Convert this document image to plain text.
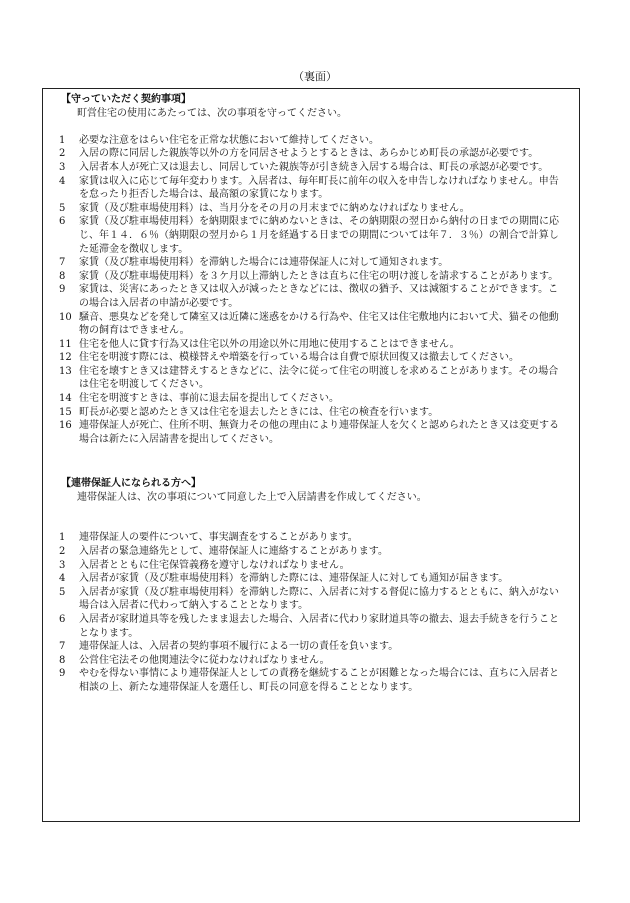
（裏面）

【守っていただく契約事項】

町営住宅の使用にあたっては、次の事項を守ってください。

1	必要な注意をはらい住宅を正常な状態において維持してください。
2	入居の際に同居した親族等以外の方を同居させようとするときは、あらかじめ町長の承認が必要です。
3	入居者本人が死亡又は退去し、同居していた親族等が引き続き入居する場合は、町長の承認が必要です。
4	家賃は収入に応じて毎年変わります。入居者は、毎年町長に前年の収入を申告しなければなりません。申告を怠ったり拒否した場合は、最高額の家賃になります。
5	家賃（及び駐車場使用料）は、当月分をその月の月末までに納めなければなりません。
6	家賃（及び駐車場使用料）を納期限までに納めないときは、その納期限の翌日から納付の日までの期間に応じ、年１４．６％（納期限の翌月から１月を経過する日までの期間については年７．３％）の割合で計算した延滞金を徴収します。
7	家賃（及び駐車場使用料）を滞納した場合には連帯保証人に対して通知されます。
8	家賃（及び駐車場使用料）を３ケ月以上滞納したときは直ちに住宅の明け渡しを請求することがあります。
9	家賃は、災害にあったとき又は収入が減ったときなどには、徴収の猶予、又は減額することができます。この場合は入居者の申請が必要です。
10 騒音、悪臭などを発して隣室又は近隣に迷惑をかける行為や、住宅又は住宅敷地内において犬、猫その他動物の飼育はできません。
11 住宅を他人に貸す行為又は住宅以外の用途以外に用地に使用することはできません。
12 住宅を明渡す際には、模様替えや増築を行っている場合は自費で原状回復又は撤去してください。
13 住宅を壊すとき又は建替えするときなどに、法令に従って住宅の明渡しを求めることがあります。その場合は住宅を明渡してください。
14 住宅を明渡すときは、事前に退去届を提出してください。
15 町長が必要と認めたとき又は住宅を退去したときには、住宅の検査を行います。
16 連帯保証人が死亡、住所不明、無資力その他の理由により連帯保証人を欠くと認められたとき又は変更する場合は新たに入居請書を提出してください。

【連帯保証人になられる方へ】

連帯保証人は、次の事項について同意した上で入居請書を作成してください。

1	連帯保証人の要件について、事実調査をすることがあります。
2	入居者の緊急連絡先として、連帯保証人に連絡することがあります。
3	入居者とともに住宅保管義務を遵守しなければなりません。
4	入居者が家賃（及び駐車場使用料）を滞納した際には、連帯保証人に対しても通知が届きます。
5	入居者が家賃（及び駐車場使用料）を滞納した際に、入居者に対する督促に協力するとともに、納入がない場合は入居者に代わって納入することとなります。
6	入居者が家財道具等を残したまま退去した場合、入居者に代わり家財道具等の撤去、退去手続きを行うこととなります。
7	連帯保証人は、入居者の契約事項不履行による一切の責任を負います。
8	公営住宅法その他関連法令に従わなければなりません。
9	やむを得ない事情により連帯保証人としての責務を継続することが困難となった場合には、直ちに入居者と相談の上、新たな連帯保証人を選任し、町長の同意を得ることとなります。
